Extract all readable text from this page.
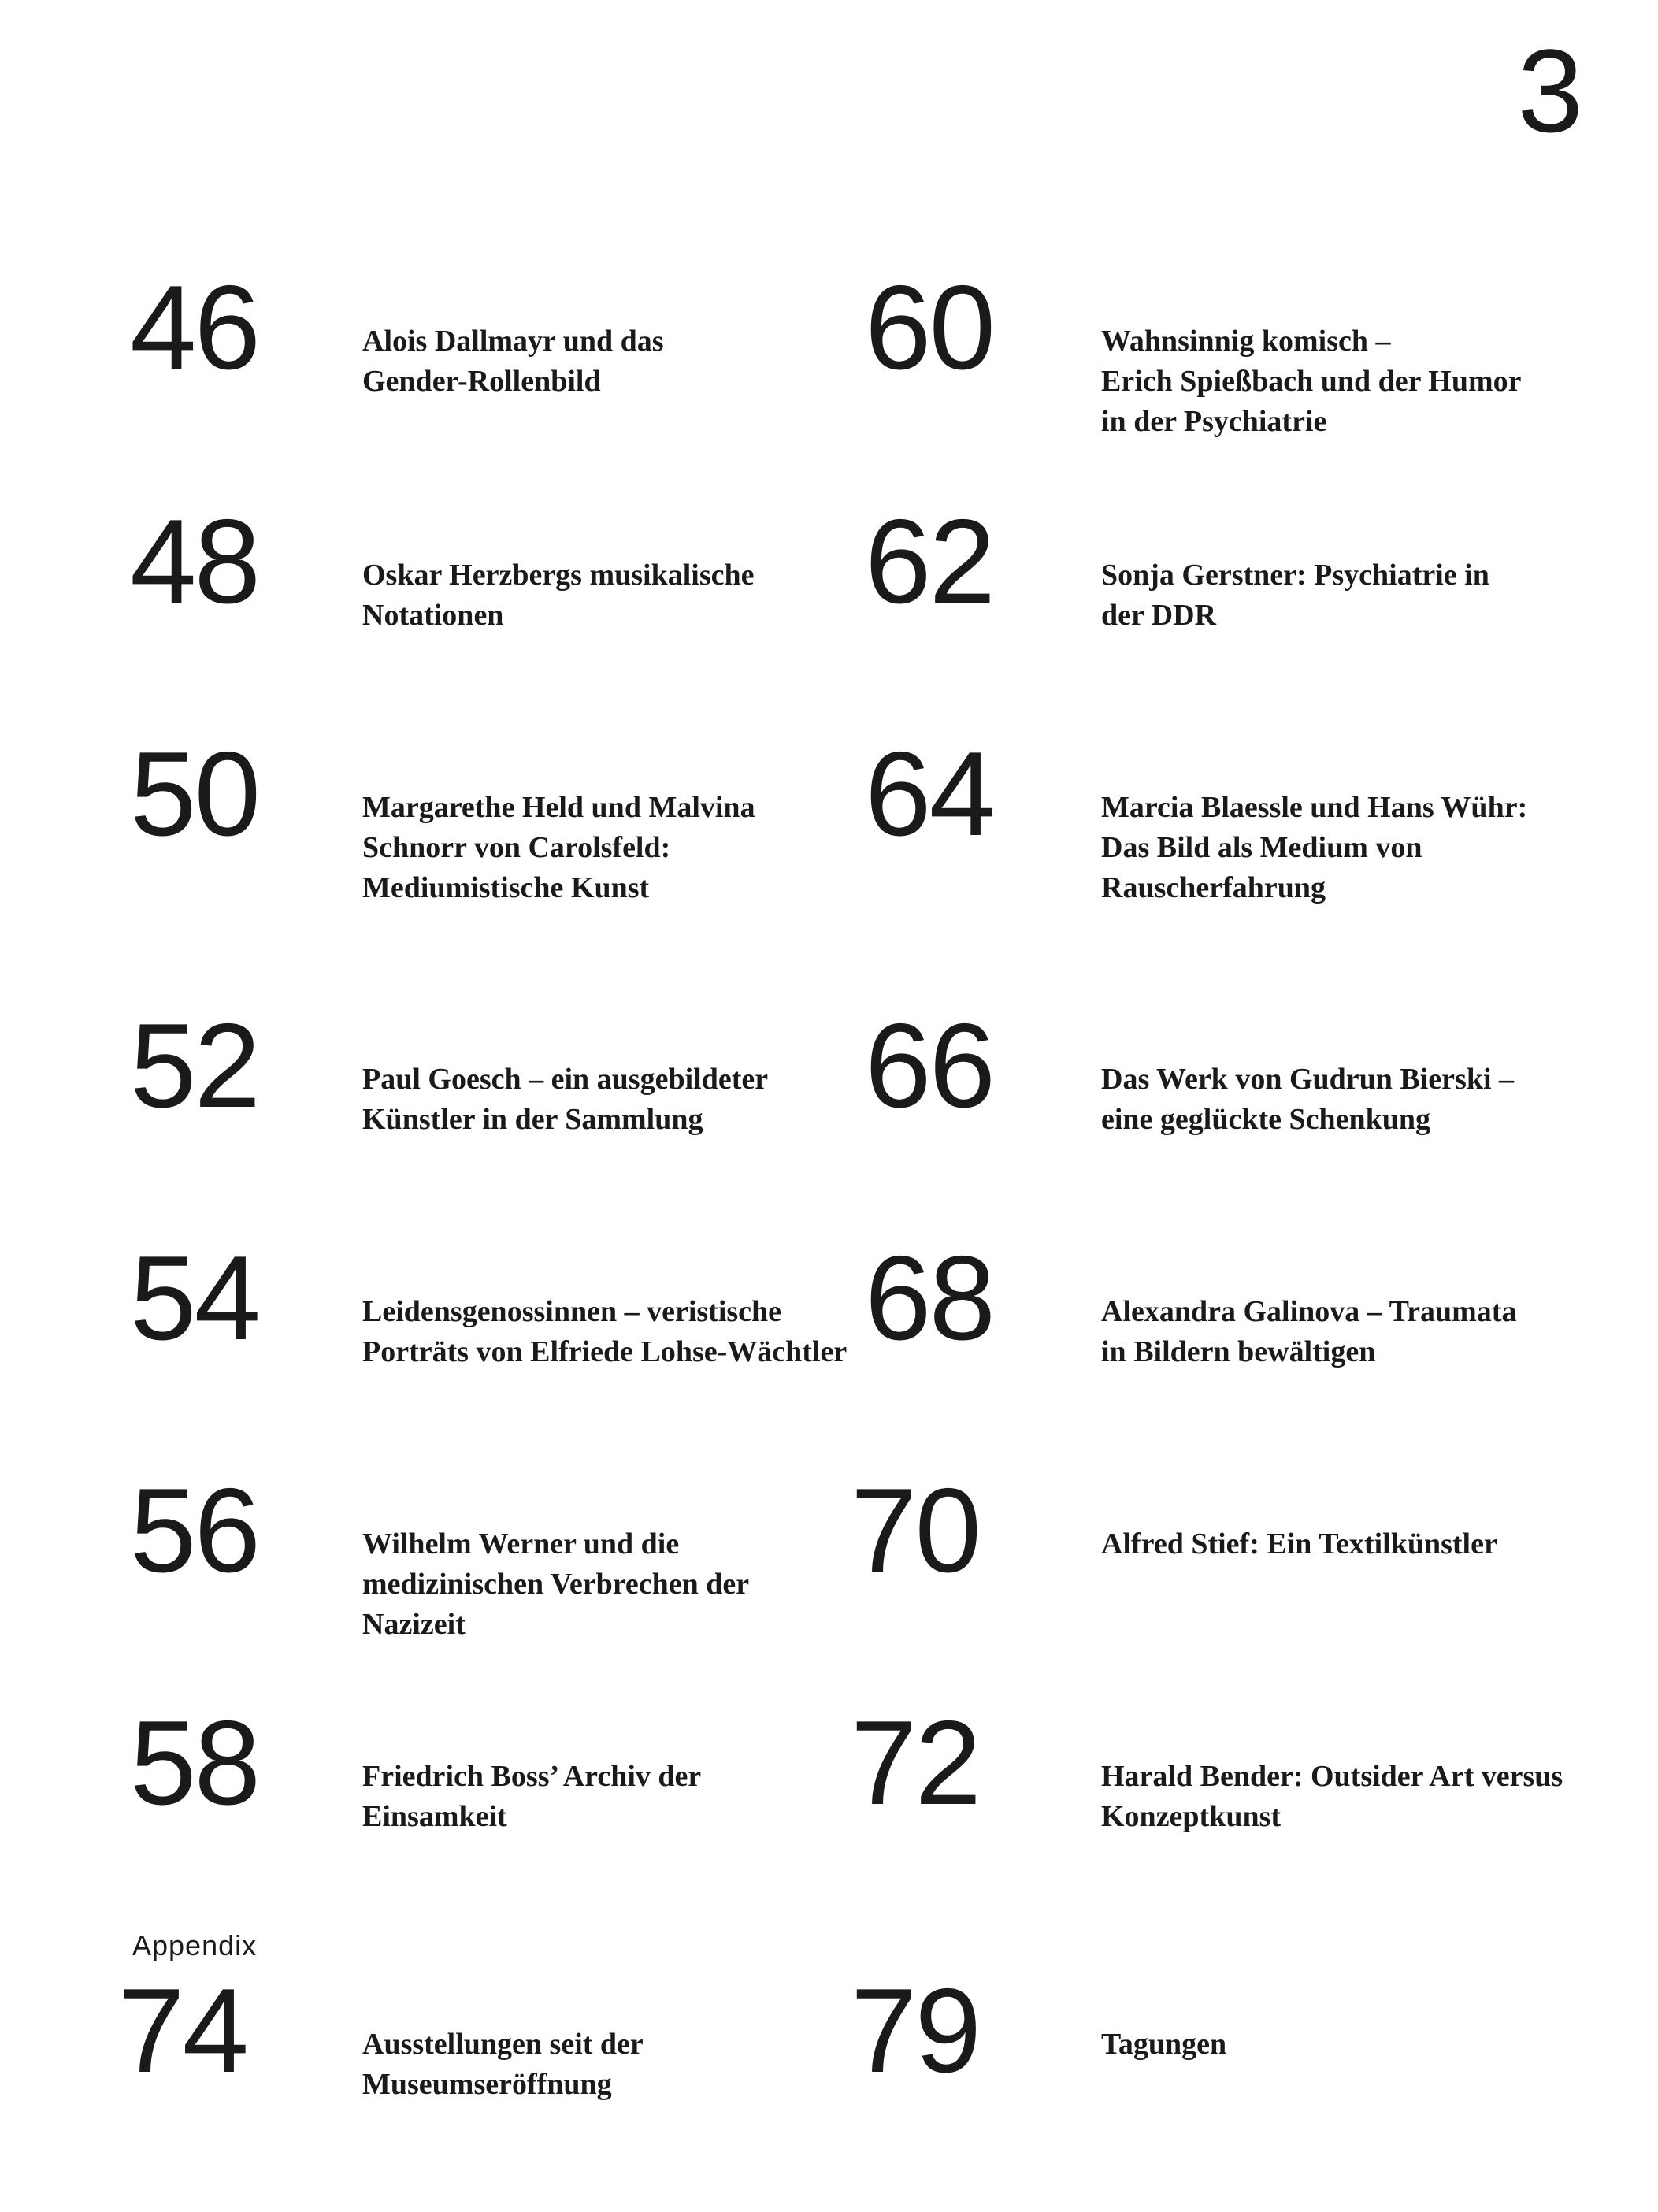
3
46	Alois Dallmayr und das
Gender-Rollenbild
48	Oskar Herzbergs musikalische
Notationen
50	Margarethe Held und Malvina
Schnorr von Carolsfeld:
Mediumistische Kunst
52	Paul Goesch – ein ausgebildeter
Künstler in der Sammlung
54	Leidensgenossinnen – veristische
Porträts von Elfriede Lohse-Wächtler
56	Wilhelm Werner und die
medizinischen Verbrechen der
Nazizeit
58	Friedrich Boss’ Archiv der
Einsamkeit
Appendix
74	Ausstellungen seit der
Museumseröffnung
60	Wahnsinnig komisch –
Erich Spießbach und der Humor
in der Psychiatrie
62	Sonja Gerstner: Psychiatrie in
der DDR
64	Marcia Blaessle und Hans Wühr:
Das Bild als Medium von
Rauscherfahrung
66	Das Werk von Gudrun Bierski –
eine geglückte Schenkung
68	Alexandra Galinova – Traumata
in Bildern bewältigen
70	Alfred Stief: Ein Textilkünstler
72	Harald Bender: Outsider Art versus
Konzeptkunst
79	Tagungen
